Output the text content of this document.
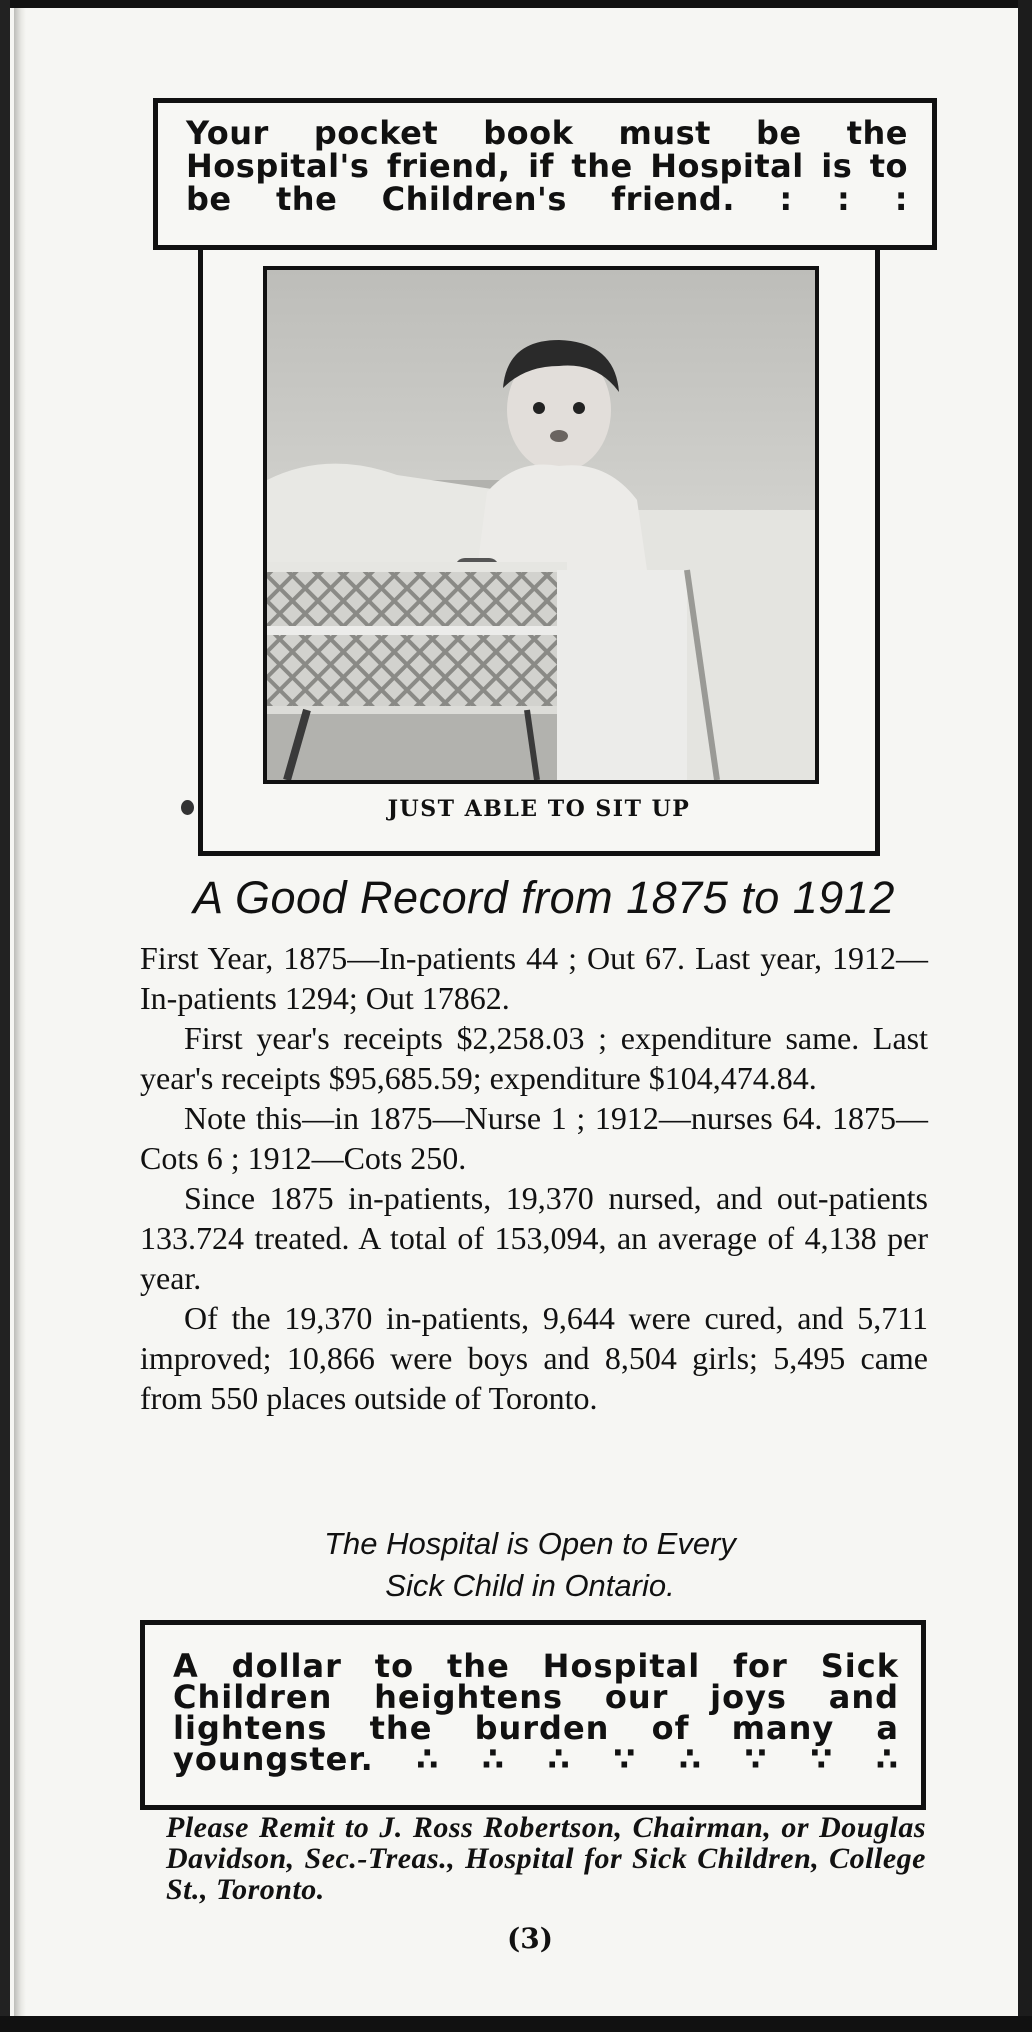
Your pocket book must be the Hospital's friend, if the Hospital is to be the Children's friend. : : :
JUST ABLE TO SIT UP
A Good Record from 1875 to 1912

First Year, 1875—In-patients 44 ; Out 67. Last year, 1912—In-patients 1294; Out 17862.

First year's receipts $2,258.03 ; expenditure same. Last year's receipts $95,685.59; expenditure $104,474.84.

Note this—in 1875—Nurse 1 ; 1912—nurses 64. 1875—Cots 6 ; 1912—Cots 250.

Since 1875 in-patients, 19,370 nursed, and out-patients 133.724 treated. A total of 153,094, an average of 4,138 per year.

Of the 19,370 in-patients, 9,644 were cured, and 5,711 improved; 10,866 were boys and 8,504 girls; 5,495 came from 550 places outside of Toronto.

The Hospital is Open to Every
Sick Child in Ontario.
A dollar to the Hospital for Sick Children heightens our joys and lightens the burden of many a youngster. ∴ ∴ ∴ ∵ ∴ ∵ ∵ ∴
Please Remit to J. Ross Robertson, Chairman, or Douglas Davidson, Sec.-Treas., Hospital for Sick Children, College St., Toronto.
(3)
